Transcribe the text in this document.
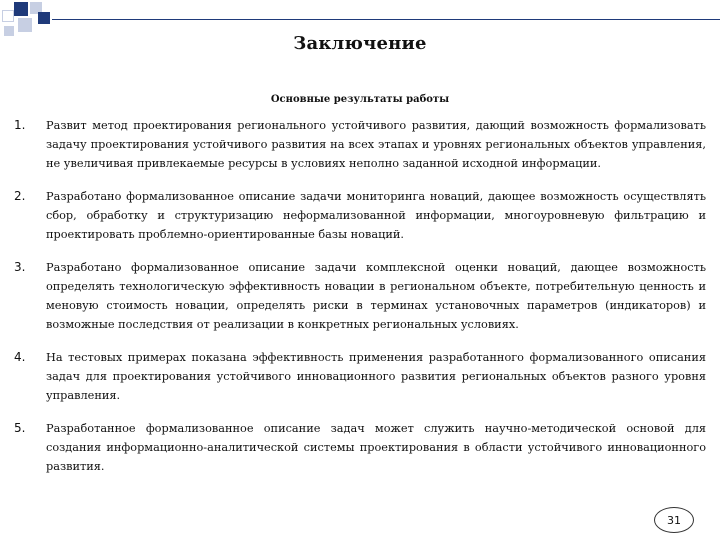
Заключение
Основные результаты работы
1. Развит метод проектирования регионального устойчивого развития, дающий возможность формализовать задачу проектирования устойчивого развития на всех этапах и уровнях региональных объектов управления, не увеличивая привлекаемые ресурсы в условиях неполно заданной исходной информации.

2. Разработано формализованное описание задачи мониторинга новаций, дающее возможность осуществлять сбор, обработку и структуризацию неформализованной информации, многоуровневую фильтрацию и проектировать проблемно-ориентированные базы новаций.

3. Разработано формализованное описание задачи комплексной оценки новаций, дающее возможность определять технологическую эффективность новации в региональном объекте, потребительную ценность и меновую стоимость новации, определять риски в терминах установочных параметров (индикаторов) и возможные последствия от реализации в конкретных региональных условиях.

4. На тестовых примерах показана эффективность применения разработанного формализованного описания задач для проектирования устойчивого инновационного развития региональных объектов разного уровня управления.

5. Разработанное формализованное описание задач может служить научно-методической основой для создания информационно-аналитической системы проектирования в области устойчивого инновационного развития.

31
